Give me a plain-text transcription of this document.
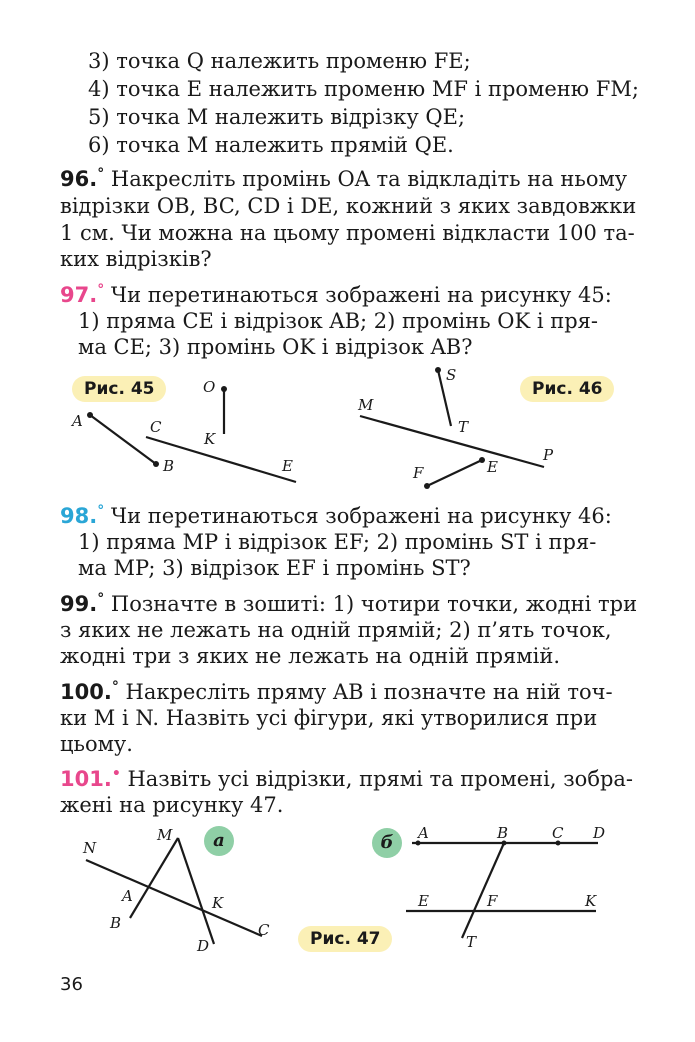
3) точка Q належить променю FE;
4) точка E належить променю MF і променю FM;
5) точка M належить відрізку QE;
6) точка M належить прямій QE.
96.° Накресліть промінь OA та відкладіть на ньому
відрізки OB, BC, CD і DE, кожний з яких завдовжки
1 см. Чи можна на цьому промені відкласти 100 та-
ких відрізків?
97.° Чи перетинаються зображені на рисунку 45:
1) пряма CE і відрізок AB; 2) промінь OK і пря-
ма CE; 3) промінь OK і відрізок AB?
Рис. 45	Рис. 46
O
A	C
K
B	E
S
M
T
P
F	E
98.° Чи перетинаються зображені на рисунку 46:
1) пряма MP і відрізок EF; 2) промінь ST і пря-
ма MP; 3) відрізок EF і промінь ST?
99.° Позначте в зошиті: 1) чотири точки, жодні три
з яких не лежать на одній прямій; 2) п’ять точок,
жодні три з яких не лежать на одній прямій.
100.° Накресліть пряму AB і позначте на ній точ-
ки M і N. Назвіть усі фігури, які утворилися при
цьому.
101.• Назвіть усі відрізки, прямі та промені, зобра-
жені на рисунку 47.
а	б
Рис. 47
N
M
A
B
K
D
C
A	B	C D
E	F	K
T
36
